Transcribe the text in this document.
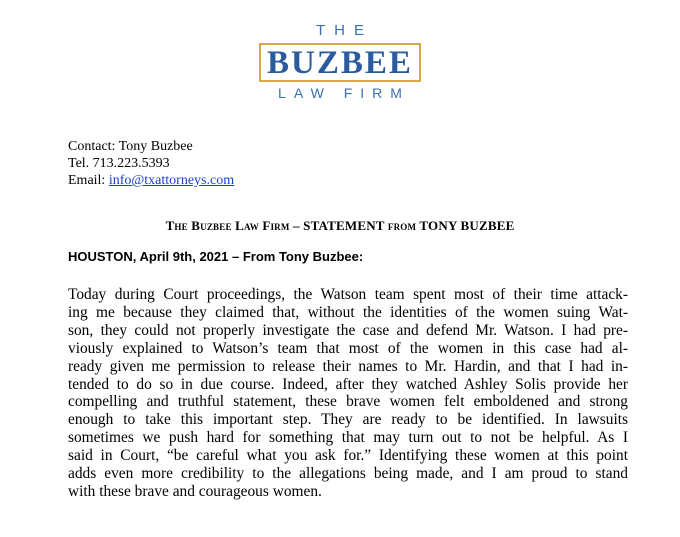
THE
BUZBEE
LAW FIRM
Contact: Tony Buzbee
Tel. 713.223.5393
Email: info@txattorneys.com
The Buzbee Law Firm – STATEMENT from TONY BUZBEE
HOUSTON, April 9th, 2021 – From Tony Buzbee:
Today during Court proceedings, the Watson team spent most of their time attack-
ing me because they claimed that, without the identities of the women suing Wat-
son, they could not properly investigate the case and defend Mr. Watson. I had pre-
viously explained to Watson’s team that most of the women in this case had al-
ready given me permission to release their names to Mr. Hardin, and that I had in-
tended to do so in due course. Indeed, after they watched Ashley Solis provide her
compelling and truthful statement, these brave women felt emboldened and strong
enough to take this important step. They are ready to be identified. In lawsuits
sometimes we push hard for something that may turn out to not be helpful. As I
said in Court, “be careful what you ask for.” Identifying these women at this point
adds even more credibility to the allegations being made, and I am proud to stand
with these brave and courageous women.
